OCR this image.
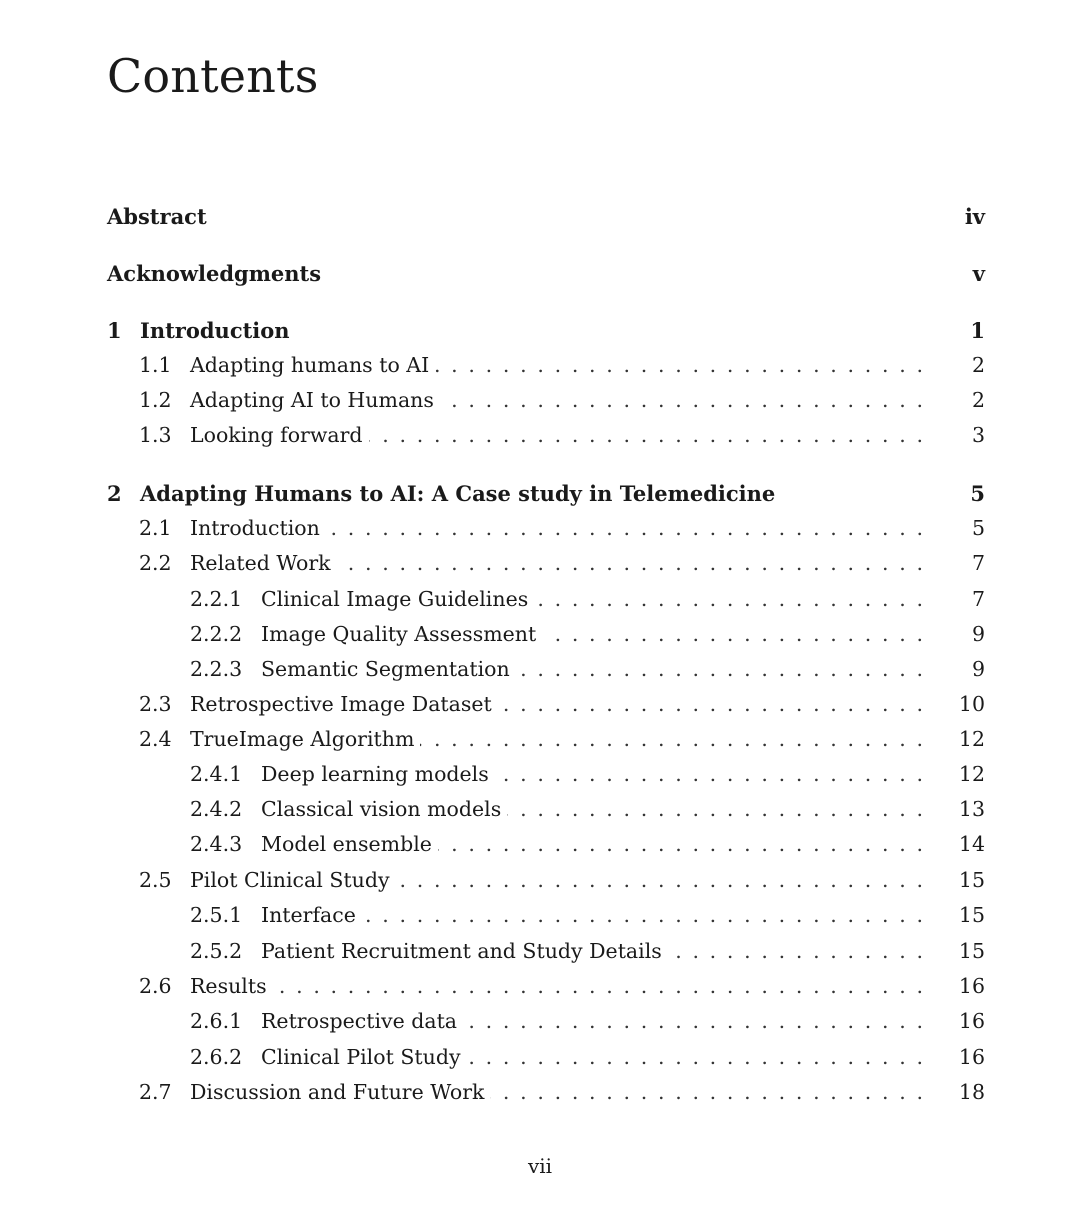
Contents
Abstract	iv
Acknowledgments	v
1 Introduction	1
1.1 Adapting humans to AI . . .	2
1.2 Adapting AI to Humans . . .	2
1.3 Looking forward . . .	3
2 Adapting Humans to AI: A Case study in Telemedicine	5
2.1 Introduction . . .	5
2.2 Related Work . . .	7
2.2.1 Clinical Image Guidelines . . .	7
2.2.2 Image Quality Assessment . . .	9
2.2.3 Semantic Segmentation . . .	9
2.3 Retrospective Image Dataset . . .	10
2.4 TrueImage Algorithm . . .	12
2.4.1 Deep learning models . . .	12
2.4.2 Classical vision models . . .	13
2.4.3 Model ensemble . . .	14
2.5 Pilot Clinical Study . . .	15
2.5.1 Interface . . .	15
2.5.2 Patient Recruitment and Study Details . . .	15
2.6 Results . . .	16
2.6.1 Retrospective data . . .	16
2.6.2 Clinical Pilot Study . . .	16
2.7 Discussion and Future Work . . .	18
vii
